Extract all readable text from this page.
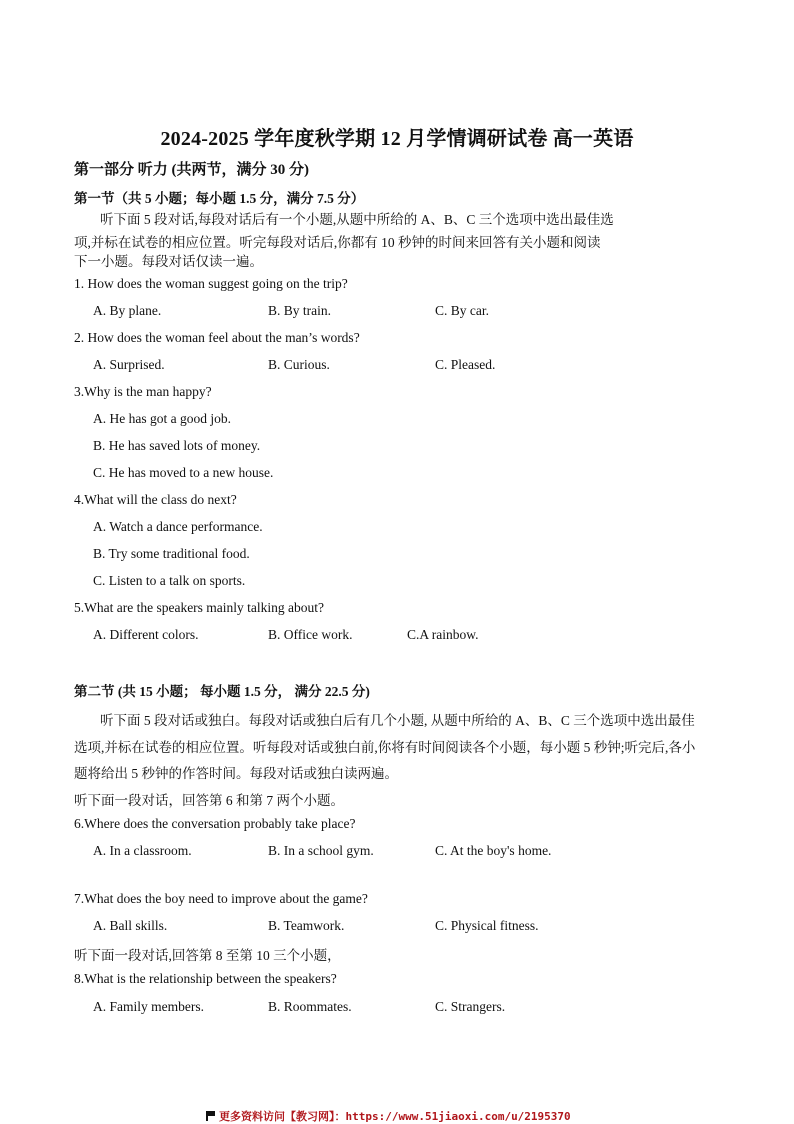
2024-2025 学年度秋学期 12 月学情调研试卷 高一英语
第一部分 听力 (共两节，满分 30 分)
第一节（共 5 小题；每小题 1.5 分，满分 7.5 分）
听下面 5 段对话,每段对话后有一个小题,从题中所给的 A、B、C 三个选项中选出最佳选
项,并标在试卷的相应位置。听完每段对话后,你都有 10 秒钟的时间来回答有关小题和阅读
下一小题。每段对话仅读一遍。
1. How does the woman suggest going on the trip?
A. By plane.	B. By train.	C. By car.
2. How does the woman feel about the man’s words?
A. Surprised.	B. Curious.	C. Pleased.
3.Why is the man happy?
A. He has got a good job.
B. He has saved lots of money.
C. He has moved to a new house.
4.What will the class do next?
A. Watch a dance performance.
B. Try some traditional food.
C. Listen to a talk on sports.
5.What are the speakers mainly talking about?
A. Different colors.	B. Office work.	C.A rainbow.
第二节 (共 15 小题； 每小题 1.5 分， 满分 22.5 分)
听下面 5 段对话或独白。每段对话或独白后有几个小题, 从题中所给的 A、B、C 三个选项中选出最佳
选项,并标在试卷的相应位置。听每段对话或独白前,你将有时间阅读各个小题，每小题 5 秒钟;听完后,各小
题将给出 5 秒钟的作答时间。每段对话或独白读两遍。
听下面一段对话，回答第 6 和第 7 两个小题。
6.Where does the conversation probably take place?
A. In a classroom.	B. In a school gym.	C. At the boy's home.
7.What does the boy need to improve about the game?
A. Ball skills.	B. Teamwork.	C. Physical fitness.
听下面一段对话,回答第 8 至第 10 三个小题，
8.What is the relationship between the speakers?
A. Family members.	B. Roommates.	C. Strangers.
更多资料访问【教习网】：https://www.51jiaoxi.com/u/2195370
